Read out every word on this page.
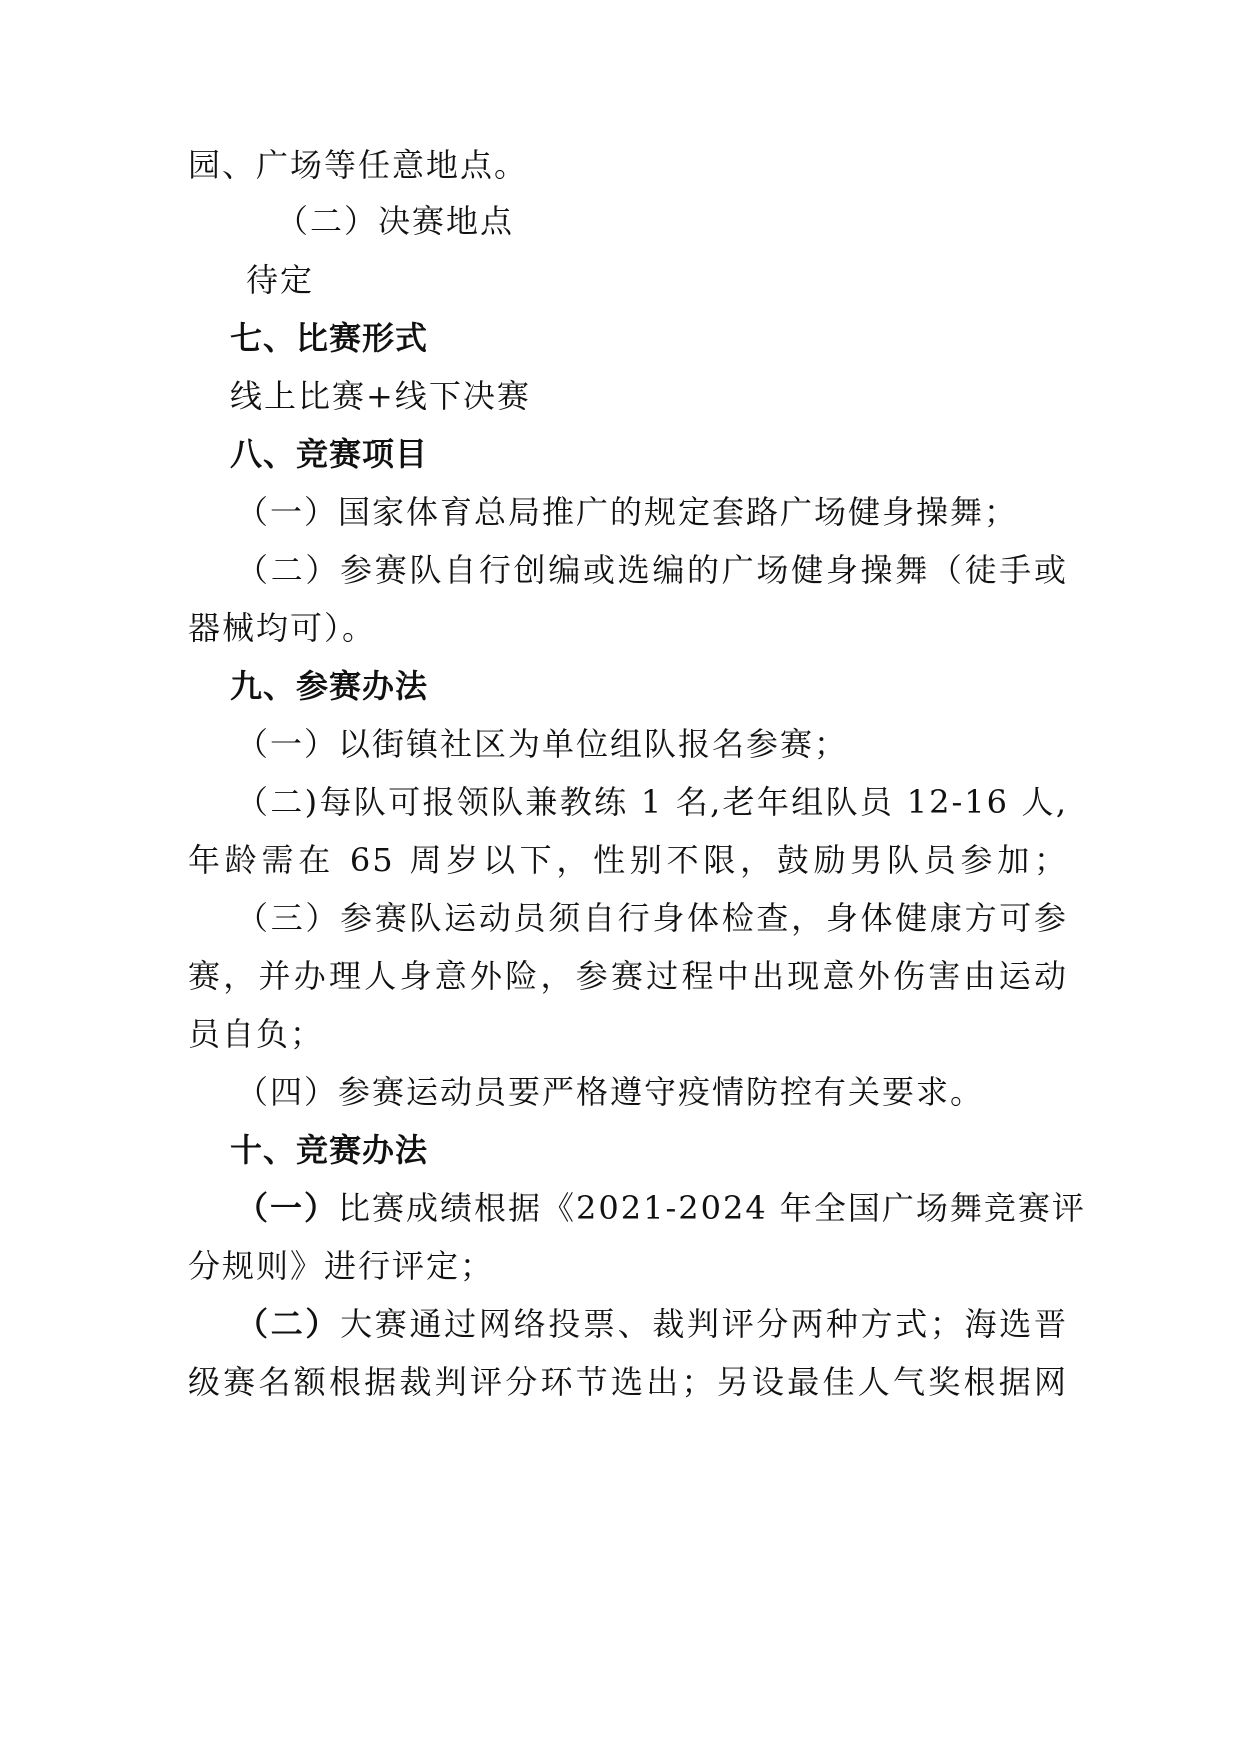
园、广场等任意地点。
（二）决赛地点
待定
七、比赛形式
线上比赛+线下决赛
八、竞赛项目
（一）国家体育总局推广的规定套路广场健身操舞；
（二）参赛队自行创编或选编的广场健身操舞（徒手或
器械均可）。
九、参赛办法
（一）以街镇社区为单位组队报名参赛；
（二)每队可报领队兼教练 1 名,老年组队员 12-16 人,
年龄需在 65 周岁以下，性别不限，鼓励男队员参加；
（三）参赛队运动员须自行身体检查，身体健康方可参
赛，并办理人身意外险，参赛过程中出现意外伤害由运动
员自负；
（四）参赛运动员要严格遵守疫情防控有关要求。
十、竞赛办法
（一）比赛成绩根据《2021-2024 年全国广场舞竞赛评
分规则》进行评定；
（二）大赛通过网络投票、裁判评分两种方式；海选晋
级赛名额根据裁判评分环节选出；另设最佳人气奖根据网
